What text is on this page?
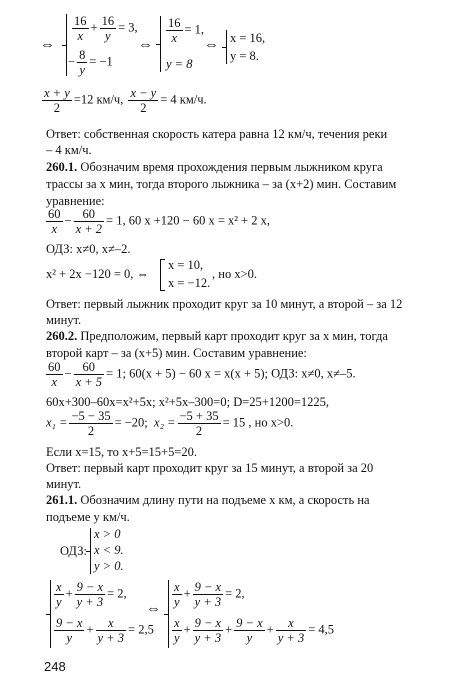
⇔
$\frac{16}{x} + \frac{16}{y} = 3$,
− $\frac{8}{y} = -1$
⇔ $\frac{16}{x} = 1$,
y = 8
⇔ x = 16,
y = 8.
$\frac{x + y}{2} =12$ км/ч, $\frac{x - y}{2} = 4$ км/ч.
Ответ: собственная скорость катера равна 12 км/ч, течения реки
– 4 км/ч.
260.1. Обозначим время прохождения первым лыжником круга
трассы за x мин, тогда второго лыжника – за (x+2) мин. Составим
уравнение:
$\frac{60}{x} - \frac{60}{x + 2} = 1$, 60 x +120 − 60 x = x² + 2 x,
ОДЗ: x≠0, x≠–2.
x² + 2x −120 = 0, ⇔
x = 10,
x = −12.
, но x>0.
Ответ: первый лыжник проходит круг за 10 минут, а второй – за 12
минут.
260.2. Предположим, первый карт проходит круг за x мин, тогда
второй карт – за (x+5) мин. Составим уравнение:
$\frac{60}{x} - \frac{60}{x + 5} = 1$; 60(x + 5) − 60 x = x(x + 5); ОДЗ: x≠0, x≠–5.
60x+300–60x=x²+5x; x²+5x–300=0; D=25+1200=1225,
$x_1 = \frac{-5 - 35}{2} = -20$; $x_2 = \frac{-5 + 35}{2} = 15$ , но x>0.
Если x=15, то x+5=15+5=20.
Ответ: первый карт проходит круг за 15 минут, а второй за 20
минут.
261.1. Обозначим длину пути на подъеме x км, а скорость на
подъеме y км/ч.
ОДЗ:
x > 0
x < 9.
y > 0.
$\frac{x}{y} + \frac{9 - x}{y + 3} = 2$,
$\frac{9 - x}{y} + \frac{x}{y + 3} = 2,5$
⇔ $\frac{x}{y} + \frac{9 - x}{y + 3} = 2$,
$\frac{x}{y} + \frac{9 - x}{y + 3} + \frac{9 - x}{y} + \frac{x}{y + 3} = 4,5$
248
